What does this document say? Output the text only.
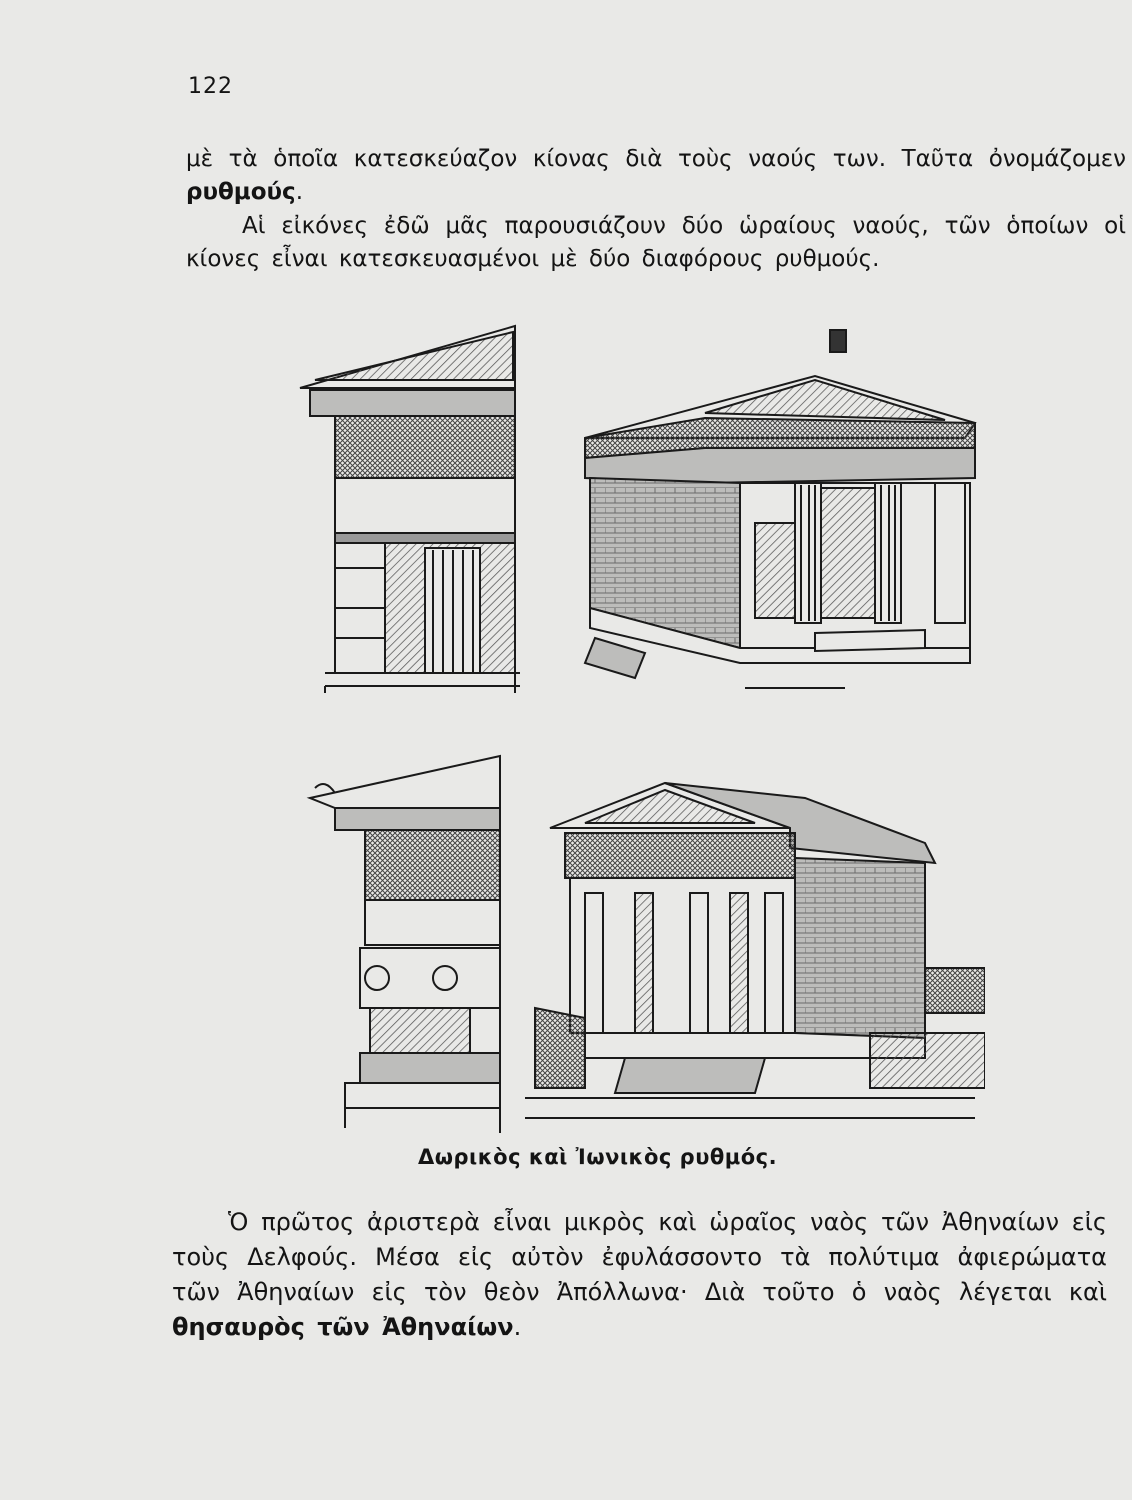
122
μὲ τὰ ὁποῖα κατεσκεύαζον κίονας διὰ τοὺς ναούς των. Ταῦτα ὀνομάζομεν ρυθμούς.
Αἱ εἰκόνες ἐδῶ μᾶς παρουσιάζουν δύο ὡραίους ναούς, τῶν ὁποίων οἱ κίονες εἶναι κατεσκευασμένοι μὲ δύο διαφόρους ρυθμούς.
Δωρικὸς καὶ Ἰωνικὸς ρυθμός.
Ὁ πρῶτος ἀριστερὰ εἶναι μικρὸς καὶ ὡραῖος ναὸς τῶν Ἀθηναίων εἰς τοὺς Δελφούς. Μέσα εἰς αὐτὸν ἐφυλάσσοντο τὰ πολύτιμα ἀφιερώματα τῶν Ἀθηναίων εἰς τὸν θεὸν Ἀπόλλωνα· Διὰ τοῦτο ὁ ναὸς λέγεται καὶ θησαυρὸς τῶν Ἀθηναίων.
